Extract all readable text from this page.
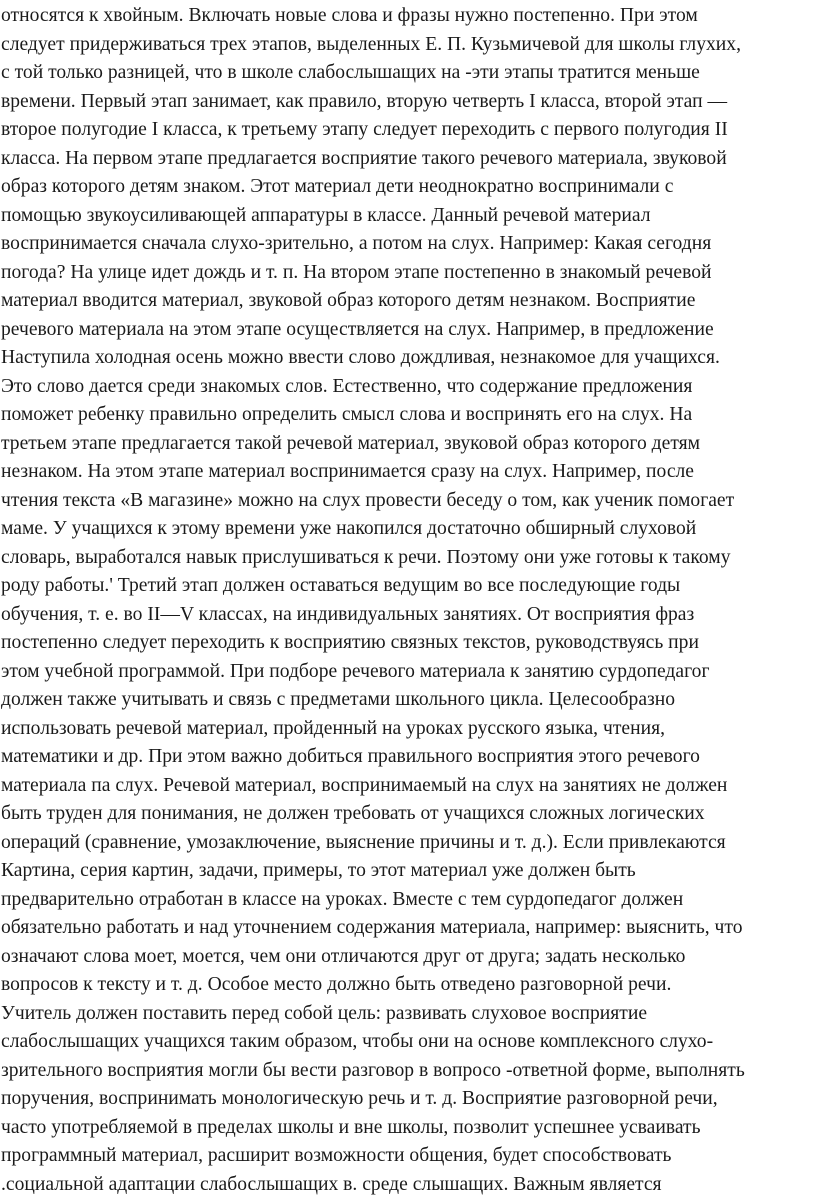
относятся к хвойным. Включать новые слова и фразы нужно постепенно. При этом
следует придерживаться трех этапов, выделенных Е. П. Кузьмичевой для школы глухих,
с той только разницей, что в школе слабослышащих на -эти этапы тратится меньше
времени. Первый этап занимает, как правило, вторую четверть I класса, второй этап —
второе полугодие I класса, к третьему этапу следует переходить с первого полугодия II
класса. На первом этапе предлагается восприятие такого речевого материала, звуковой
образ которого детям знаком. Этот материал дети неоднократно воспринимали с
помощью звукоусиливающей аппаратуры в классе. Данный речевой материал
воспринимается сначала слухо-зрительно, а потом на слух. Например: Какая сегодня
погода? На улице идет дождь и т. п. На втором этапе постепенно в знакомый речевой
материал вводится материал, звуковой образ которого детям незнаком. Восприятие
речевого материала на этом этапе осуществляется на слух. Например, в предложение
Наступила холодная осень можно ввести слово дождливая, незнакомое для учащихся.
Это слово дается среди знакомых слов. Естественно, что содержание предложения
поможет ребенку правильно определить смысл слова и воспринять его на слух. На
третьем этапе предлагается такой речевой материал, звуковой образ которого детям
незнаком. На этом этапе материал воспринимается сразу на слух. Например, после
чтения текста «В магазине» можно на слух провести беседу о том, как ученик помогает
маме. У учащихся к этому времени уже накопился достаточно обширный слуховой
словарь, выработался навык прислушиваться к речи. Поэтому они уже готовы к такому
роду работы.' Третий этап должен оставаться ведущим во все последующие годы
обучения, т. е. во II—V классах, на индивидуальных занятиях. От восприятия фраз
постепенно следует переходить к восприятию связных текстов, руководствуясь при
этом учебной программой. При подборе речевого материала к занятию сурдопедагог
должен также учитывать и связь с предметами школьного цикла. Целесообразно
использовать речевой материал, пройденный на уроках русского языка, чтения,
математики и др. При этом важно добиться правильного восприятия этого речевого
материала па слух. Речевой материал, воспринимаемый на слух на занятиях не должен
быть труден для понимания, не должен требовать от учащихся сложных логических
операций (сравнение, умозаключение, выяснение причины и т. д.). Если привлекаются
Картина, серия картин, задачи, примеры, то этот материал уже должен быть
предварительно отработан в классе на уроках. Вместе с тем сурдопедагог должен
обязательно работать и над уточнением содержания материала, например: выяснить, что
означают слова моет, моется, чем они отличаются друг от друга; задать несколько
вопросов к тексту и т. д. Особое место должно быть отведено разговорной речи.
Учитель должен поставить перед собой цель: развивать слуховое восприятие
слабослышащих учащихся таким образом, чтобы они на основе комплексного слухо-
зрительного восприятия могли бы вести разговор в вопросо -ответной форме, выполнять
поручения, воспринимать монологическую речь и т. д. Восприятие разговорной речи,
часто употребляемой в пределах школы и вне школы, позволит успешнее усваивать
программный материал, расширит возможности общения, будет способствовать
.социальной адаптации слабослышащих в. среде слышащих. Важным является
